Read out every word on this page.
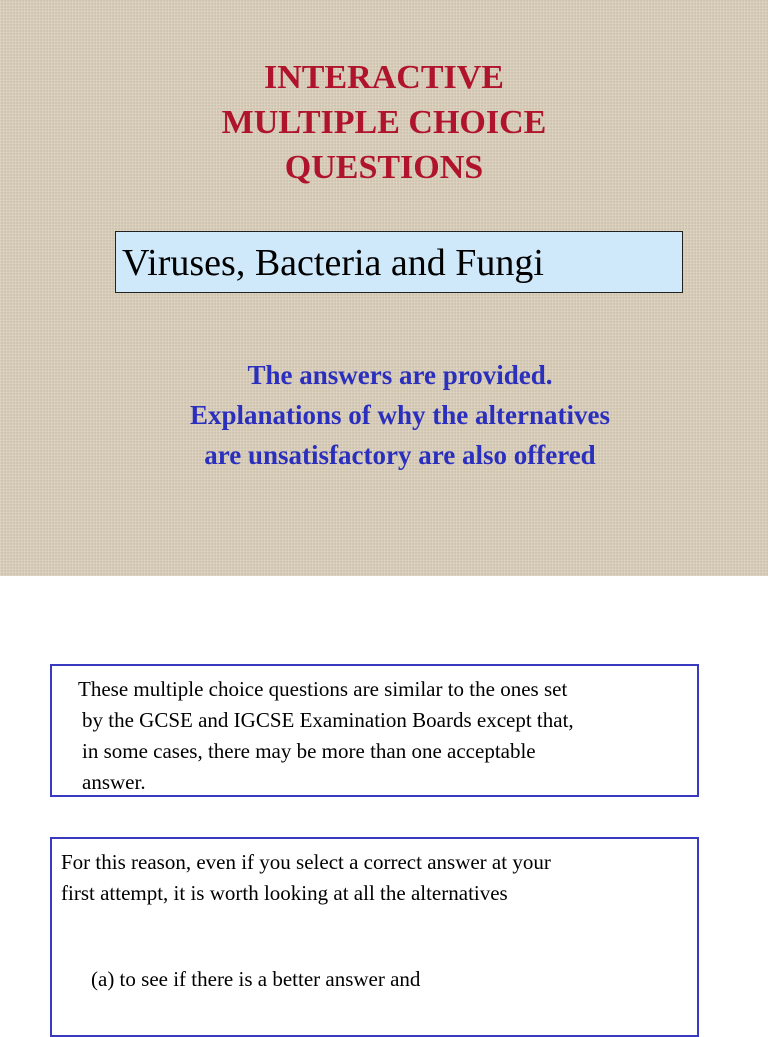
INTERACTIVE
MULTIPLE CHOICE
QUESTIONS
Viruses, Bacteria and Fungi

The answers are provided.
Explanations of why the alternatives
are unsatisfactory are also offered

These multiple choice questions are similar to the ones set
by the GCSE and IGCSE Examination Boards except that,
in some cases, there may be more than one acceptable
answer.

For this reason, even if you select a correct answer at your
first attempt, it is worth looking at all the alternatives

(a) to see if there is a better answer and
